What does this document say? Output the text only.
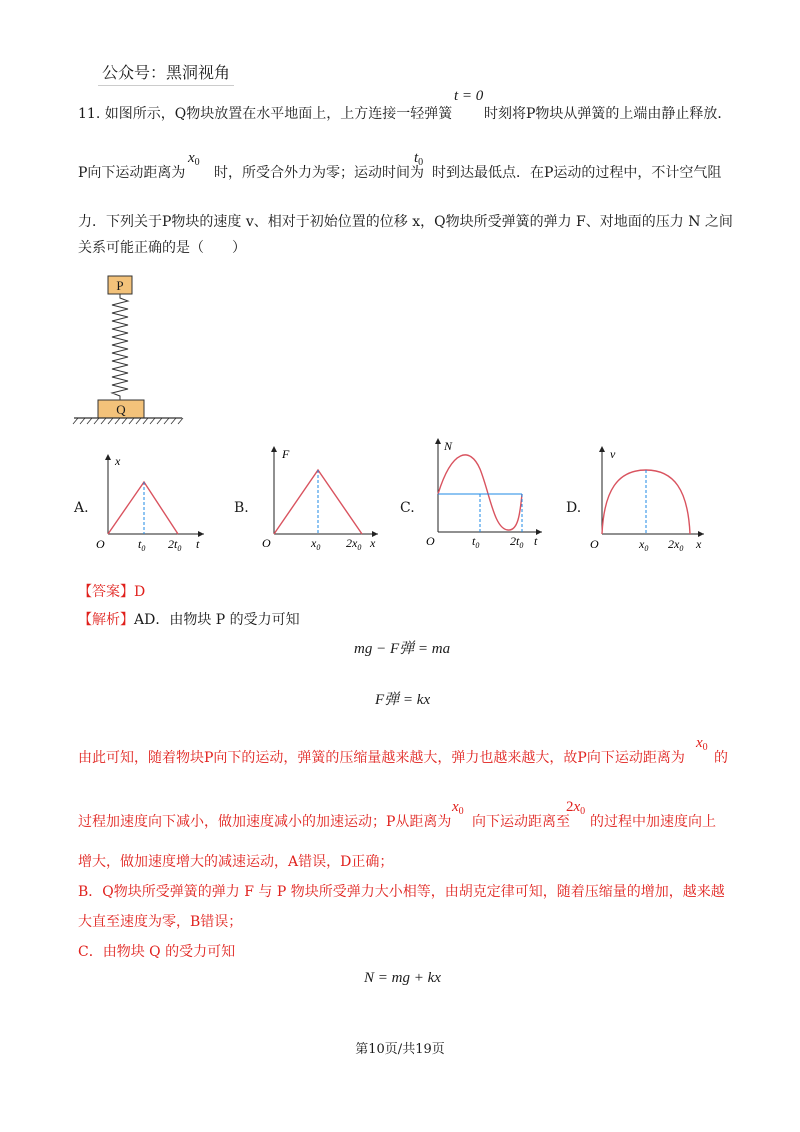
公众号：黑洞视角
11. 如图所示，Q物块放置在水平地面上，上方连接一轻弹簧
t = 0
时刻将P物块从弹簧的上端由静止释放．
P向下运动距离为
$x_0$
时，所受合外力为零；运动时间为
$t_0$
时到达最低点．在P运动的过程中，不计空气阻
力．下列关于P物块的速度 v、相对于初始位置的位移 x，Q物块所受弹簧的弹力 F、对地面的压力 N 之间
关系可能正确的是（　　）
P
Q
A.
x
t
O	$t_0$ $2t_0$
B.
F
x
O	$x_0$ $2x_0$
C.
N
t
O	$t_0$	$2t_0$
D.
v
x
O	$x_0$ $2x_0$
【答案】D
【解析】AD．由物块 P 的受力可知
mg − F弹 = ma
F弹 = kx
由此可知，随着物块P向下的运动，弹簧的压缩量越来越大，弹力也越来越大，故P向下运动距离为
$x_0$
的
过程加速度向下减小，做加速度减小的加速运动；P从距离为
$x_0$
向下运动距离至
$2x_0$
的过程中加速度向上
增大，做加速度增大的减速运动，A错误，D正确；
B．Q物块所受弹簧的弹力 F 与 P 物块所受弹力大小相等，由胡克定律可知，随着压缩量的增加，越来越
大直至速度为零，B错误；
C．由物块 Q 的受力可知
N = mg + kx
第10页/共19页
